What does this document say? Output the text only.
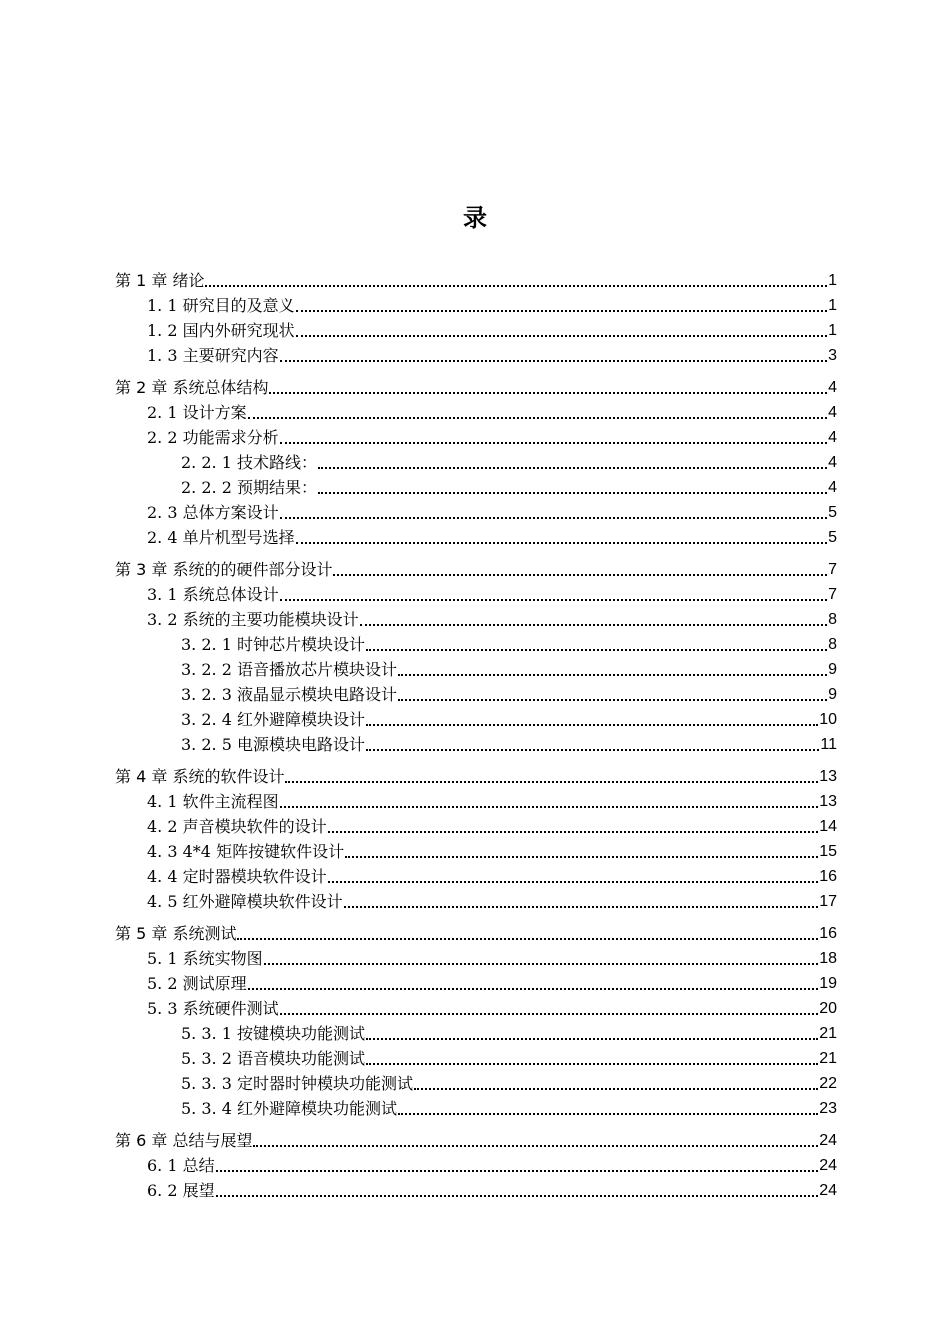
录
第 1 章 绪论	1
1. 1 研究目的及意义	1
1. 2 国内外研究现状	1
1. 3 主要研究内容	3
第 2 章 系统总体结构	4
2. 1 设计方案	4
2. 2 功能需求分析	4
2. 2. 1 技术路线：	4
2. 2. 2 预期结果：	4
2. 3 总体方案设计	5
2. 4 单片机型号选择	5
第 3 章 系统的的硬件部分设计	7
3. 1 系统总体设计	7
3. 2 系统的主要功能模块设计	8
3. 2. 1 时钟芯片模块设计	8
3. 2. 2 语音播放芯片模块设计	9
3. 2. 3 液晶显示模块电路设计	9
3. 2. 4 红外避障模块设计	10
3. 2. 5 电源模块电路设计	11
第 4 章 系统的软件设计	13
4. 1 软件主流程图	13
4. 2 声音模块软件的设计	14
4. 3 4*4 矩阵按键软件设计	15
4. 4 定时器模块软件设计	16
4. 5 红外避障模块软件设计	17
第 5 章 系统测试	16
5. 1 系统实物图	18
5. 2 测试原理	19
5. 3 系统硬件测试	20
5. 3. 1 按键模块功能测试	21
5. 3. 2 语音模块功能测试	21
5. 3. 3 定时器时钟模块功能测试	22
5. 3. 4 红外避障模块功能测试	23
第 6 章 总结与展望	24
6. 1 总结	24
6. 2 展望	24
